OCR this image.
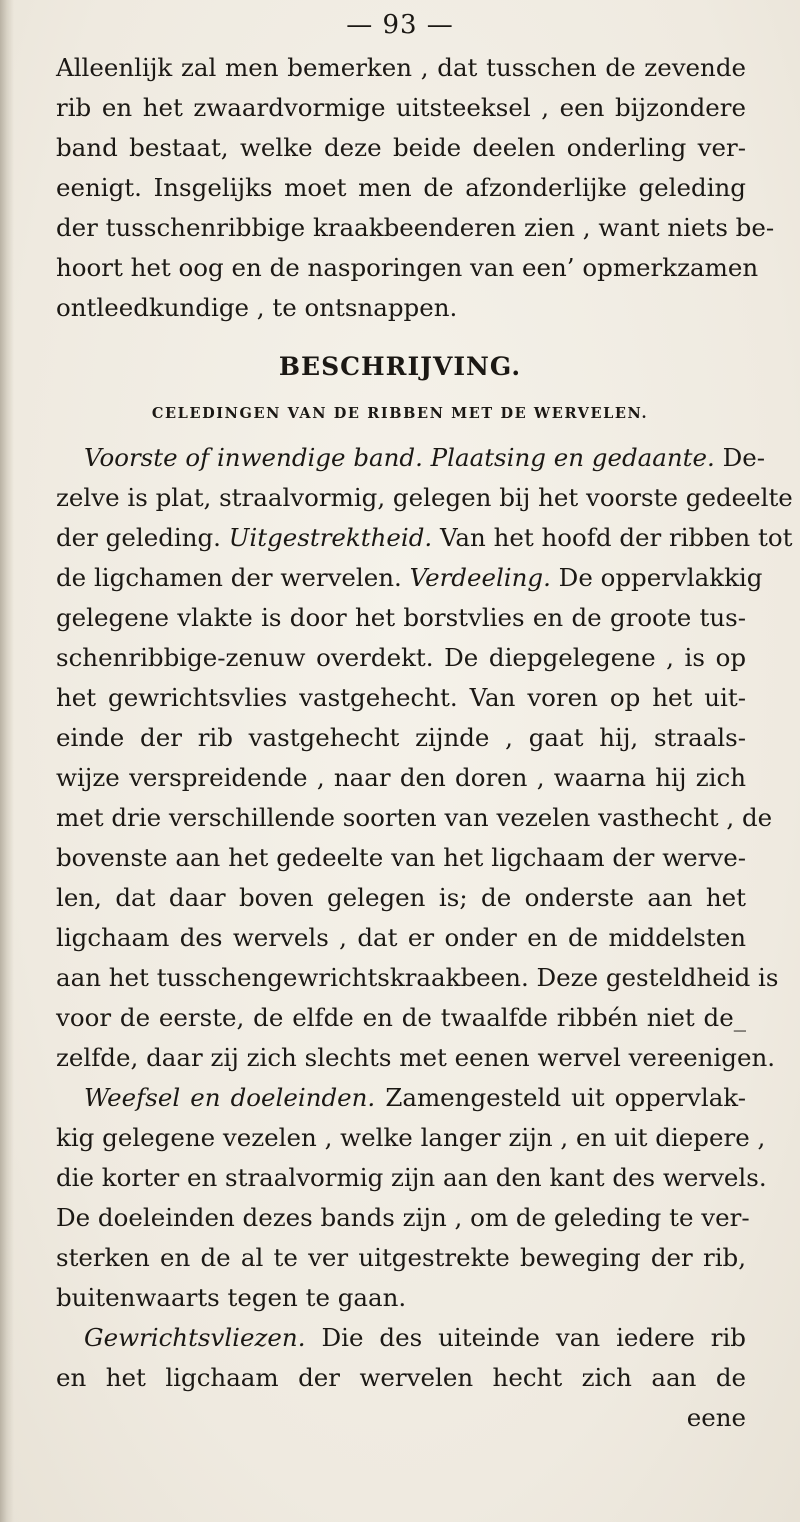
— 93 —
Alleenlijk zal men bemerken , dat tusschen de zevende
rib en het zwaardvormige uitsteeksel , een bijzondere
band bestaat, welke deze beide deelen onderling ver-
eenigt. Insgelijks moet men de afzonderlijke geleding
der tusschenribbige kraakbeenderen zien , want niets be-
hoort het oog en de nasporingen van een’ opmerkzamen
ontleedkundige , te ontsnappen.
BESCHRIJVING.
CELEDINGEN VAN DE RIBBEN MET DE WERVELEN.
Voorste of inwendige band. Plaatsing en gedaante. De-
zelve is plat, straalvormig, gelegen bij het voorste gedeelte
der geleding. Uitgestrektheid. Van het hoofd der ribben tot
de ligchamen der wervelen. Verdeeling. De oppervlakkig
gelegene vlakte is door het borstvlies en de groote tus-
schenribbige-zenuw overdekt. De diepgelegene , is op
het gewrichtsvlies vastgehecht. Van voren op het uit-
einde der rib vastgehecht zijnde , gaat hij, straals-
wijze verspreidende , naar den doren , waarna hij zich
met drie verschillende soorten van vezelen vasthecht , de
bovenste aan het gedeelte van het ligchaam der werve-
len, dat daar boven gelegen is; de onderste aan het
ligchaam des wervels , dat er onder en de middelsten
aan het tusschengewrichtskraakbeen. Deze gesteldheid is
voor de eerste, de elfde en de twaalfde ribbén niet de_
zelfde, daar zij zich slechts met eenen wervel vereenigen.
Weefsel en doeleinden. Zamengesteld uit oppervlak-
kig gelegene vezelen , welke langer zijn , en uit diepere ,
die korter en straalvormig zijn aan den kant des wervels.
De doeleinden dezes bands zijn , om de geleding te ver-
sterken en de al te ver uitgestrekte beweging der rib,
buitenwaarts tegen te gaan.
Gewrichtsvliezen. Die des uiteinde van iedere rib
en het ligchaam der wervelen hecht zich aan de
eene
